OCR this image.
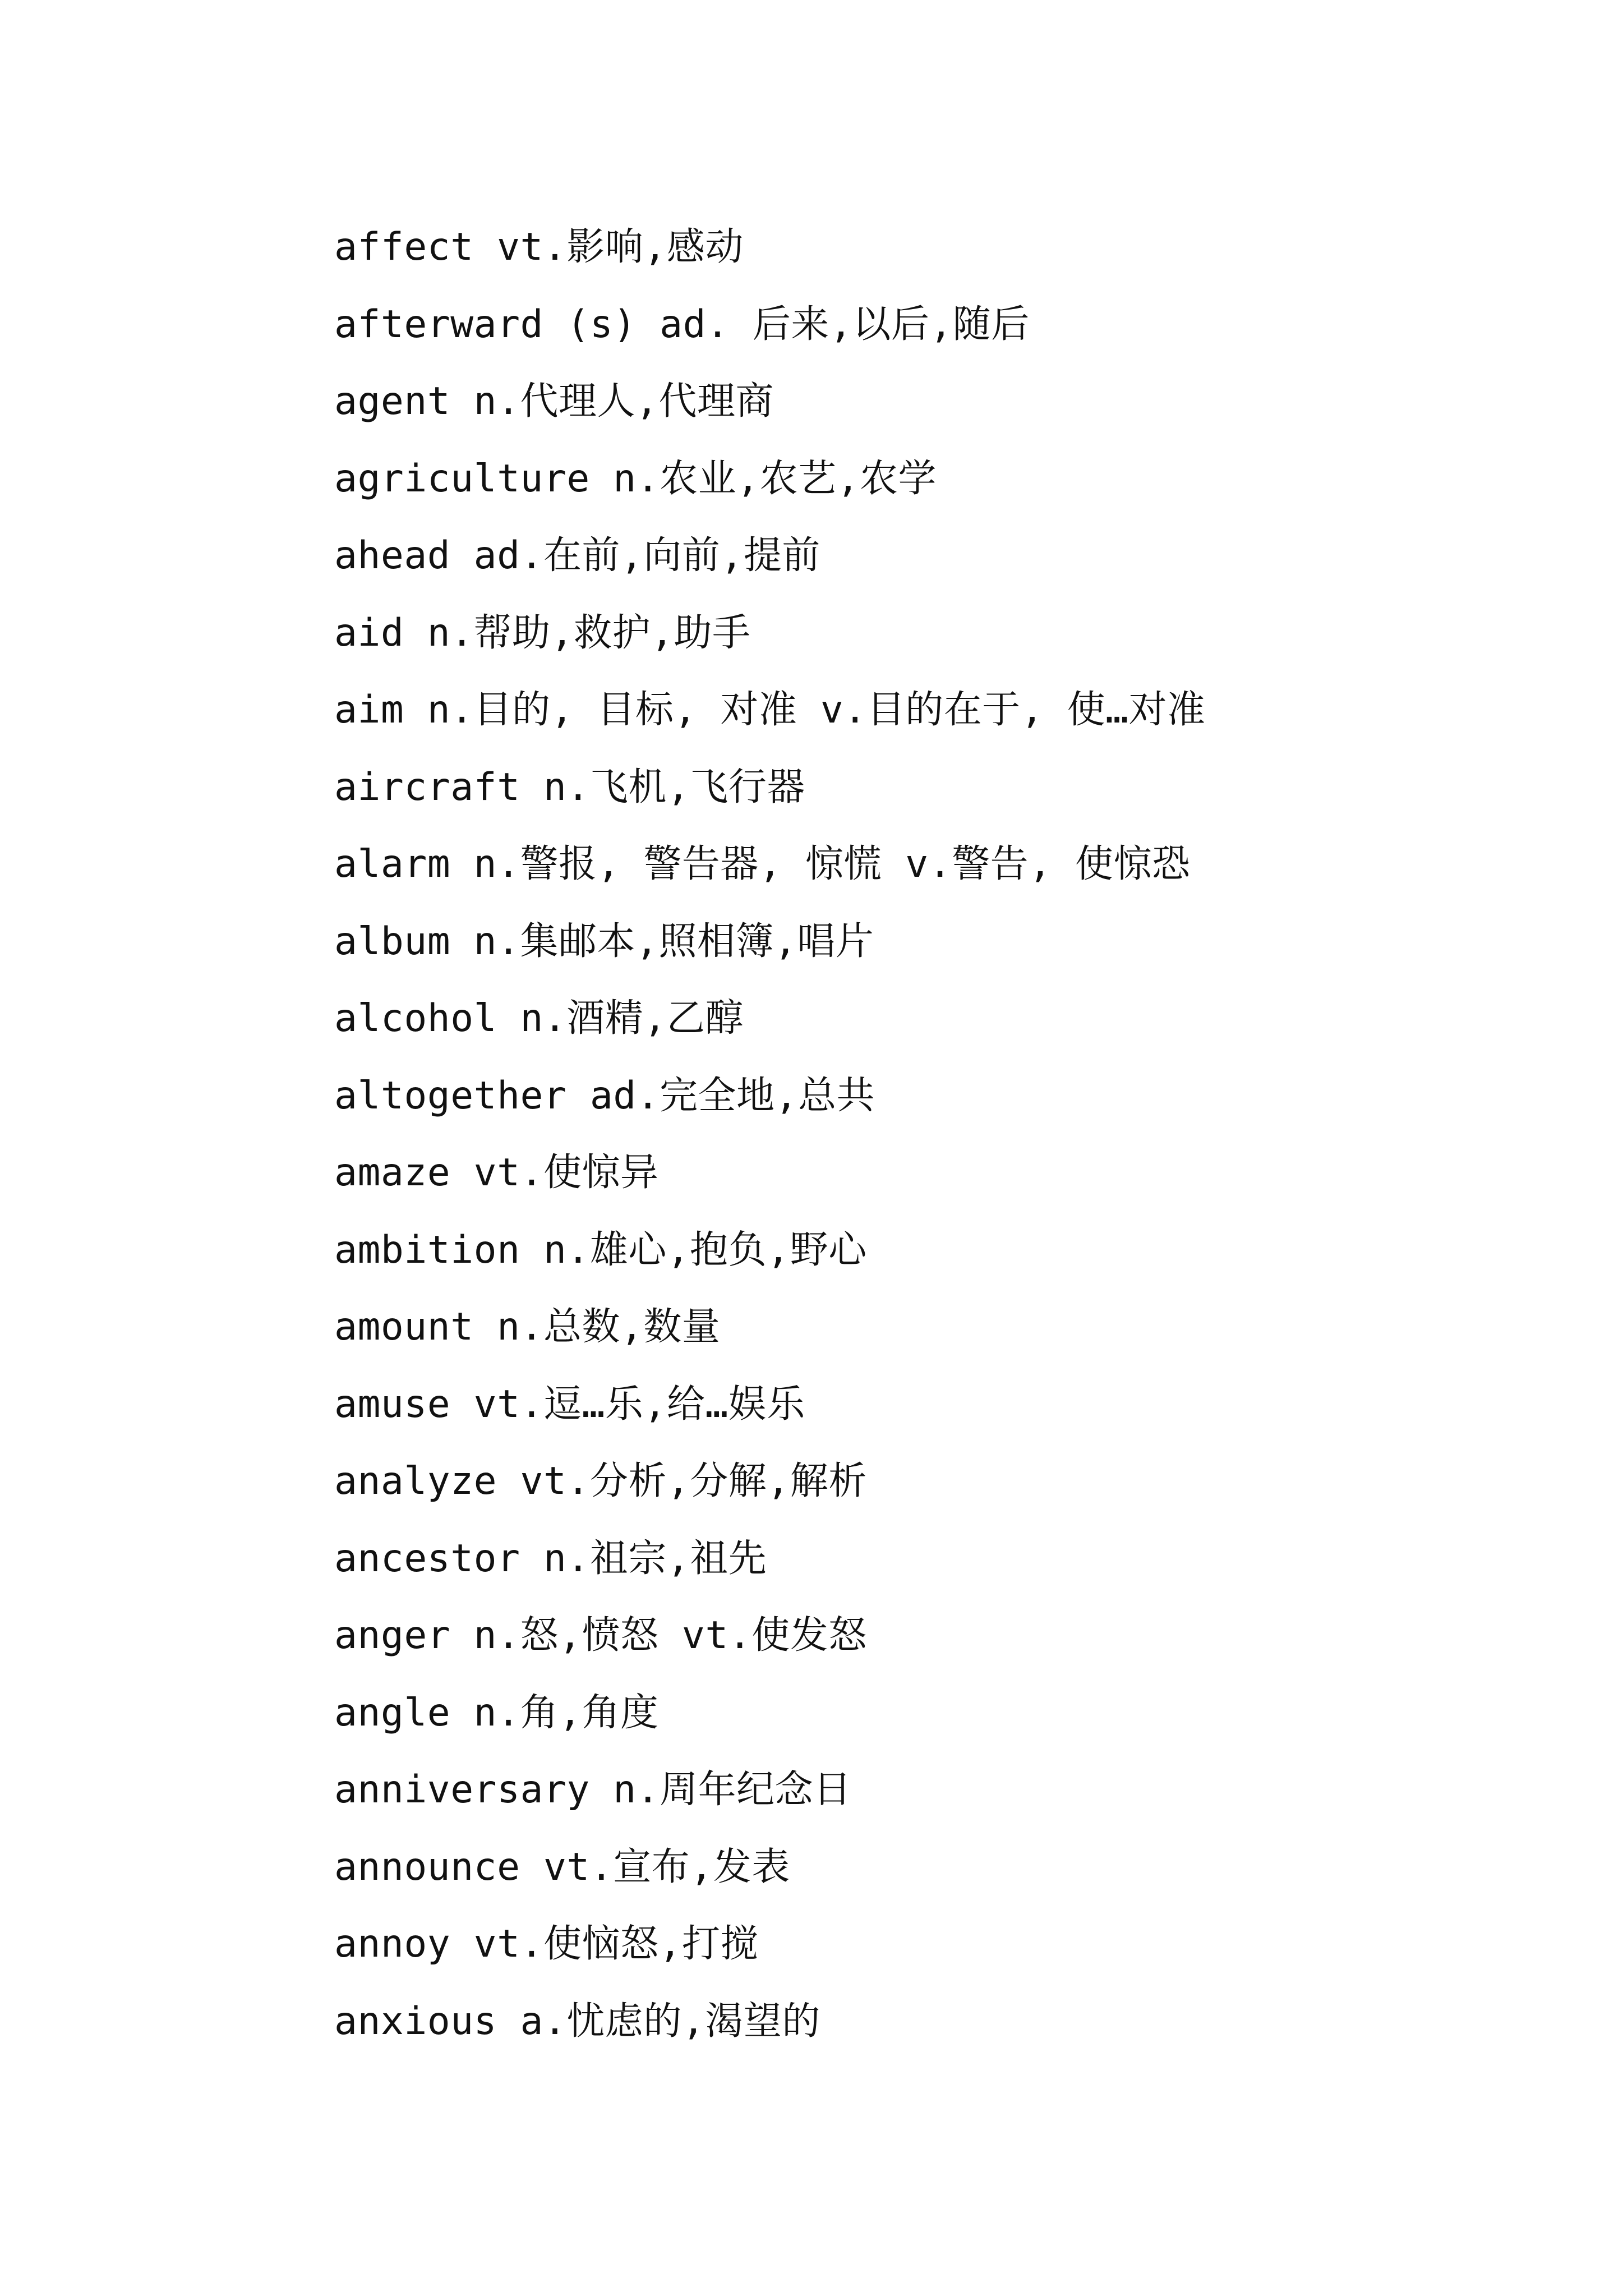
affect vt.影响,感动
afterward (s) ad. 后来,以后,随后
agent n.代理人,代理商
agriculture n.农业,农艺,农学
ahead ad.在前,向前,提前
aid n.帮助,救护,助手
aim n.目的, 目标, 对准 v.目的在于, 使…对准
aircraft n.飞机,飞行器
alarm n.警报, 警告器, 惊慌 v.警告, 使惊恐
album n.集邮本,照相簿,唱片
alcohol n.酒精,乙醇
altogether ad.完全地,总共
amaze vt.使惊异
ambition n.雄心,抱负,野心
amount n.总数,数量
amuse vt.逗…乐,给…娱乐
analyze vt.分析,分解,解析
ancestor n.祖宗,祖先
anger n.怒,愤怒 vt.使发怒
angle n.角,角度
anniversary n.周年纪念日
announce vt.宣布,发表
annoy vt.使恼怒,打搅
anxious a.忧虑的,渴望的
